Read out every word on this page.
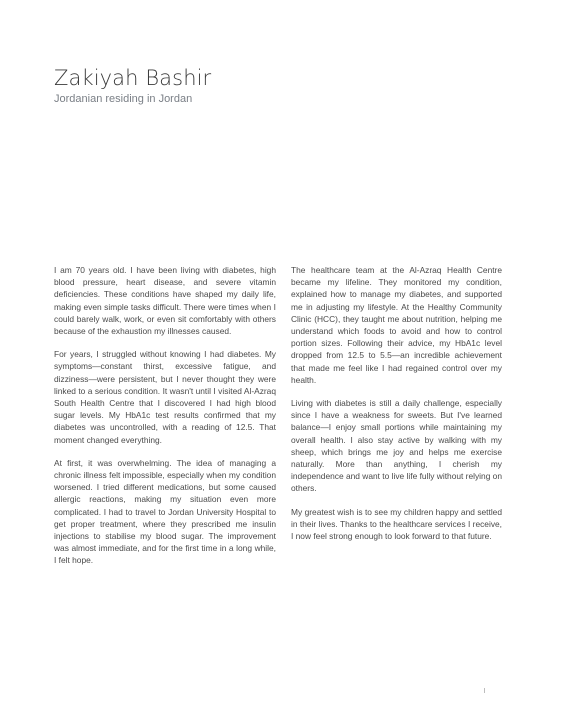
Zakiyah Bashir
Jordanian residing in Jordan

I am 70 years old. I have been living with diabetes, high blood pressure, heart disease, and severe vitamin deficiencies. These conditions have shaped my daily life, making even simple tasks difficult. There were times when I could barely walk, work, or even sit comfortably with others because of the exhaustion my illnesses caused.

For years, I struggled without knowing I had diabetes. My symptoms—constant thirst, excessive fatigue, and dizziness—were persistent, but I never thought they were linked to a serious condition. It wasn't until I visited Al-Azraq South Health Centre that I discovered I had high blood sugar levels. My HbA1c test results confirmed that my diabetes was uncontrolled, with a reading of 12.5. That moment changed everything.

At first, it was overwhelming. The idea of managing a chronic illness felt impossible, especially when my condition worsened. I tried different medications, but some caused allergic reactions, making my situation even more complicated. I had to travel to Jordan University Hospital to get proper treatment, where they prescribed me insulin injections to stabilise my blood sugar. The improvement was almost immediate, and for the first time in a long while, I felt hope.

The healthcare team at the Al-Azraq Health Centre became my lifeline. They monitored my condition, explained how to manage my diabetes, and supported me in adjusting my lifestyle. At the Healthy Community Clinic (HCC), they taught me about nutrition, helping me understand which foods to avoid and how to control portion sizes. Following their advice, my HbA1c level dropped from 12.5 to 5.5—an incredible achievement that made me feel like I had regained control over my health.

Living with diabetes is still a daily challenge, especially since I have a weakness for sweets. But I've learned balance—I enjoy small portions while maintaining my overall health. I also stay active by walking with my sheep, which brings me joy and helps me exercise naturally. More than anything, I cherish my independence and want to live life fully without relying on others.

My greatest wish is to see my children happy and settled in their lives. Thanks to the healthcare services I receive, I now feel strong enough to look forward to that future.
